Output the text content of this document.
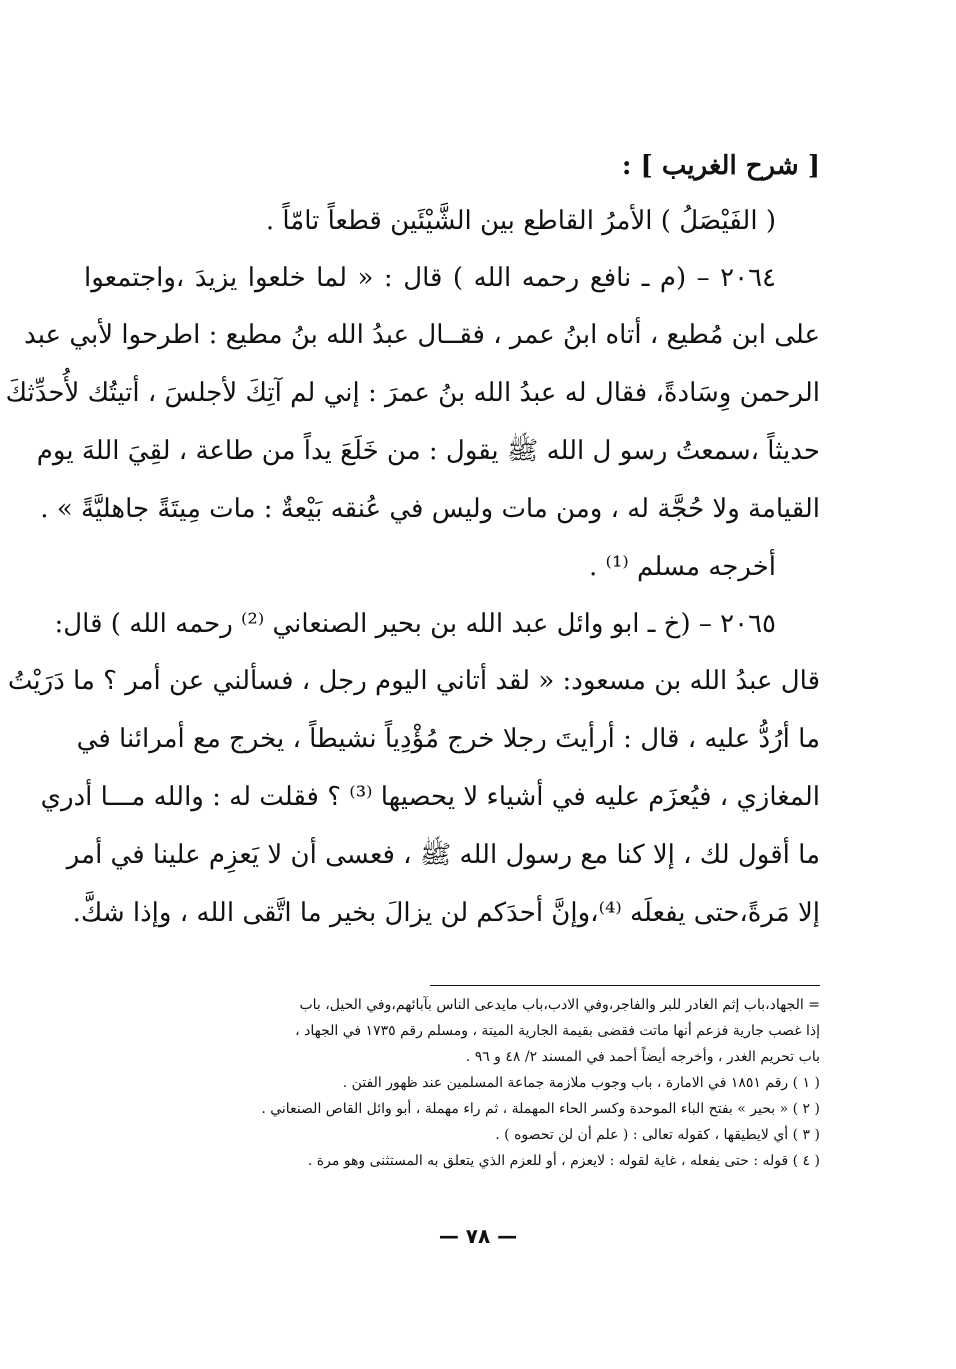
[ شرح الغريب ] :
( الفَيْصَلُ ) الأمرُ القاطع بين الشَّيْئَين قطعاً تامّاً .
٢٠٦٤ – (م ـ نافع رحمه الله ) قال : « لما خلعوا يزيدَ ،واجتمعوا
على ابن مُطيع ، أتاه ابنُ عمر ، فقــال عبدُ الله بنُ مطيع : اطرحوا لأبي عبد
الرحمن وِسَادةً، فقال له عبدُ الله بنُ عمرَ : إني لم آتِكَ لأجلسَ ، أتيتُك لأُحدِّثكَ
حديثاً ،سمعتُ رسو ل الله ﷺ يقول : من خَلَعَ يداً من طاعة ، لقِيَ اللهَ يوم
القيامة ولا حُجَّة له ، ومن مات وليس في عُنقه بَيْعةٌ : مات مِيتَةً جاهليَّةً » .
أخرجه مسلم ⁽¹⁾ .
٢٠٦٥ – (خ ـ ابو وائل عبد الله بن بحير الصنعاني ⁽²⁾ رحمه الله ) قال:
قال عبدُ الله بن مسعود: « لقد أتاني اليوم رجل ، فسألني عن أمر ؟ ما دَرَيْتُ
ما أرُدُّ عليه ، قال : أرأيتَ رجلا خرج مُؤْدِياً نشيطاً ، يخرج مع أمرائنا في
المغازي ، فيُعزَم عليه في أشياء لا يحصيها ⁽³⁾ ؟ فقلت له : والله مـــا أدري
ما أقول لك ، إلا كنا مع رسول الله ﷺ ، فعسى أن لا يَعزِم علينا في أمر
إلا مَرةً،حتى يفعلَه ⁽⁴⁾،وإنَّ أحدَكم لن يزالَ بخير ما اتَّقى الله ، وإذا شكَّ.
= الجهاد،باب إثم الغادر للبر والفاجر،وفي الادب،باب مايدعى الناس بآبائهم،وفي الحيل، باب
إذا غصب جارية فزعم أنها ماتت فقضى بقيمة الجارية الميتة ، ومسلم رقم ١٧٣٥ في الجهاد ،
باب تحريم الغدر ، وأخرجه أيضاً أحمد في المسند ٢/ ٤٨ و ٩٦ .
( ١ ) رقم ١٨٥١ في الامارة ، باب وجوب ملازمة جماعة المسلمين عند ظهور الفتن .
( ٢ ) « بحير » بفتح الباء الموحدة وكسر الحاء المهملة ، ثم راء مهملة ، أبو وائل القاص الصنعاني .
( ٣ ) أي لايطيقها ، كقوله تعالى : ( علم أن لن تحصوه ) .
( ٤ ) قوله : حتى يفعله ، غاية لقوله : لايعزم ، أو للعزم الذي يتعلق به المستثنى وهو مرة .
— ٧٨ —
